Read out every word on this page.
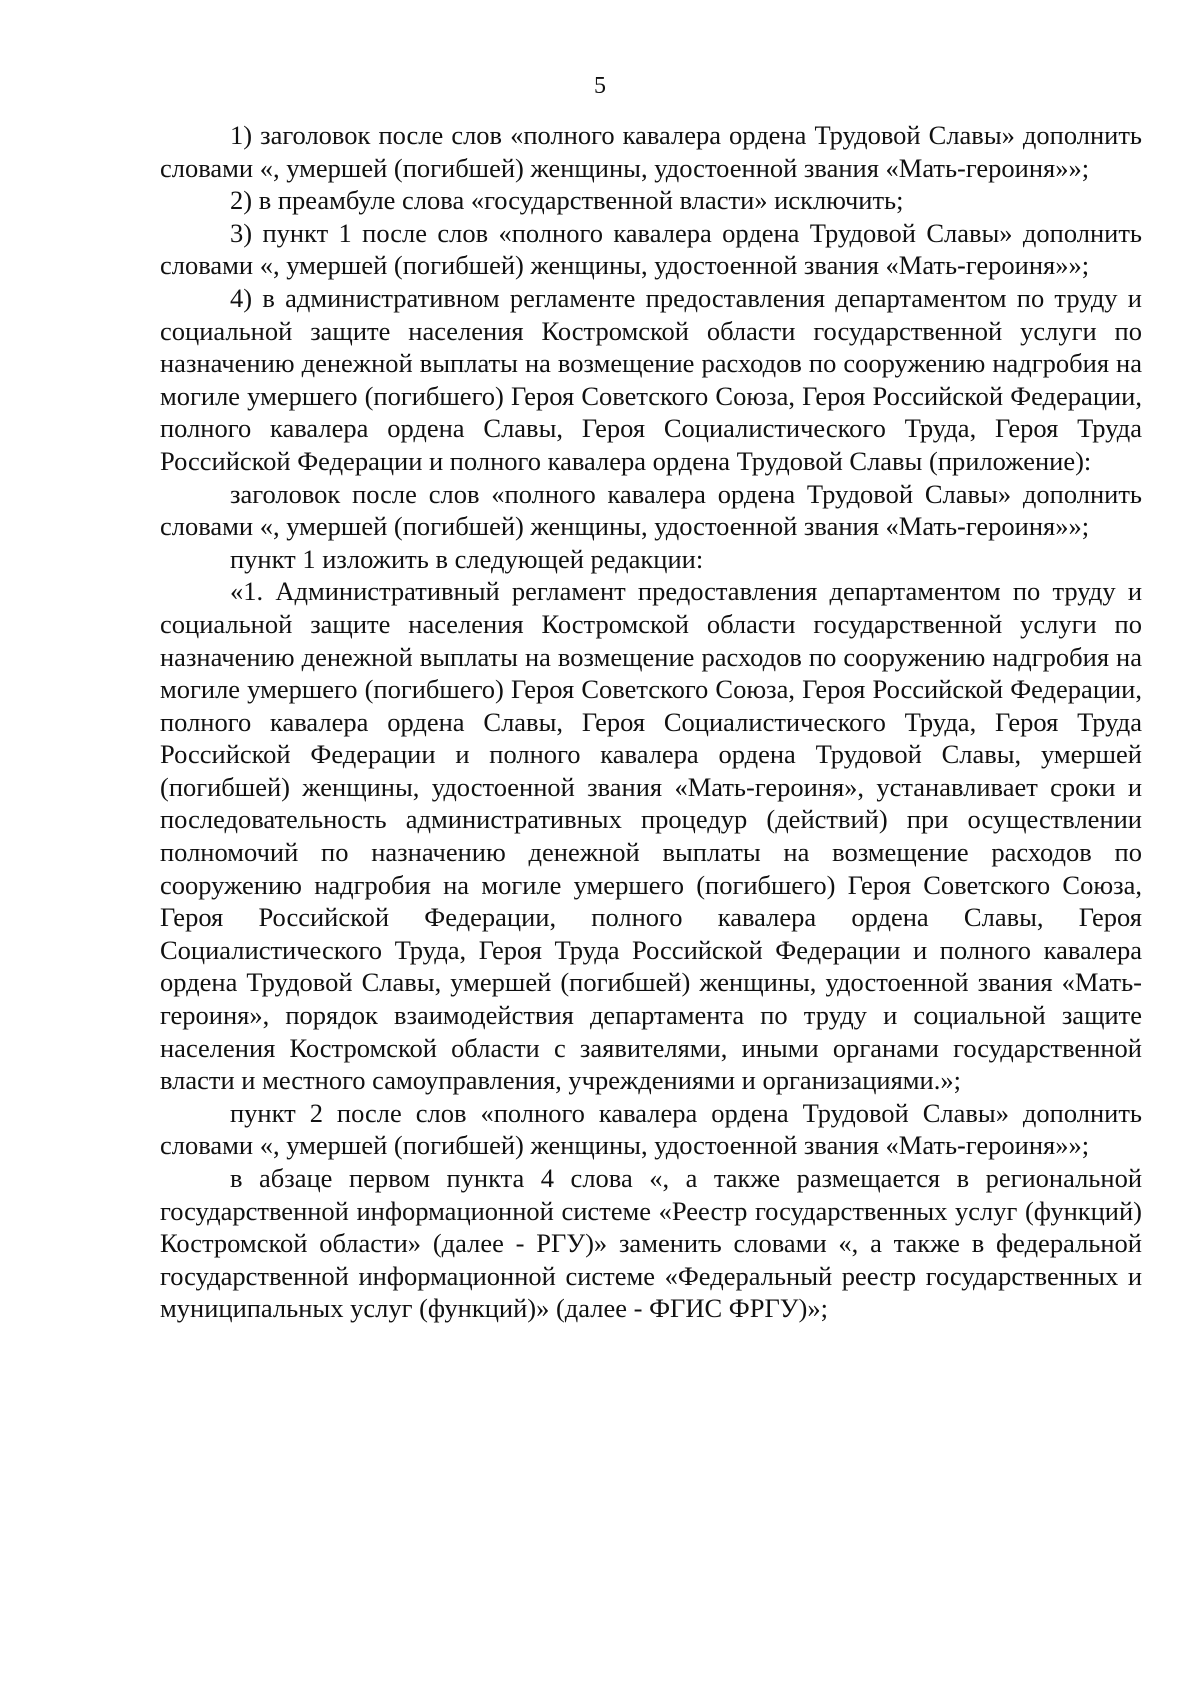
5

1) заголовок после слов «полного кавалера ордена Трудовой Славы» дополнить словами «, умершей (погибшей) женщины, удостоенной звания «Мать-героиня»»;

2) в преамбуле слова «государственной власти» исключить;

3) пункт 1 после слов «полного кавалера ордена Трудовой Славы» дополнить словами «, умершей (погибшей) женщины, удостоенной звания «Мать-героиня»»;

4) в административном регламенте предоставления департаментом по труду и социальной защите населения Костромской области государственной услуги по назначению денежной выплаты на возмещение расходов по сооружению надгробия на могиле умершего (погибшего) Героя Советского Союза, Героя Российской Федерации, полного кавалера ордена Славы, Героя Социалистического Труда, Героя Труда Российской Федерации и полного кавалера ордена Трудовой Славы (приложение):

заголовок после слов «полного кавалера ордена Трудовой Славы» дополнить словами «, умершей (погибшей) женщины, удостоенной звания «Мать-героиня»»;

пункт 1 изложить в следующей редакции:

«1. Административный регламент предоставления департаментом по труду и социальной защите населения Костромской области государственной услуги по назначению денежной выплаты на возмещение расходов по сооружению надгробия на могиле умершего (погибшего) Героя Советского Союза, Героя Российской Федерации, полного кавалера ордена Славы, Героя Социалистического Труда, Героя Труда Российской Федерации и полного кавалера ордена Трудовой Славы, умершей (погибшей) женщины, удостоенной звания «Мать-героиня», устанавливает сроки и последовательность административных процедур (действий) при осуществлении полномочий по назначению денежной выплаты на возмещение расходов по сооружению надгробия на могиле умершего (погибшего) Героя Советского Союза, Героя Российской Федерации, полного кавалера ордена Славы, Героя Социалистического Труда, Героя Труда Российской Федерации и полного кавалера ордена Трудовой Славы, умершей (погибшей) женщины, удостоенной звания «Мать-героиня», порядок взаимодействия департамента по труду и социальной защите населения Костромской области с заявителями, иными органами государственной власти и местного самоуправления, учреждениями и организациями.»;

пункт 2 после слов «полного кавалера ордена Трудовой Славы» дополнить словами «, умершей (погибшей) женщины, удостоенной звания «Мать-героиня»»;

в абзаце первом пункта 4 слова «, а также размещается в региональной государственной информационной системе «Реестр государственных услуг (функций) Костромской области» (далее - РГУ)» заменить словами «, а также в федеральной государственной информационной системе «Федеральный реестр государственных и муниципальных услуг (функций)» (далее - ФГИС ФРГУ)»;
